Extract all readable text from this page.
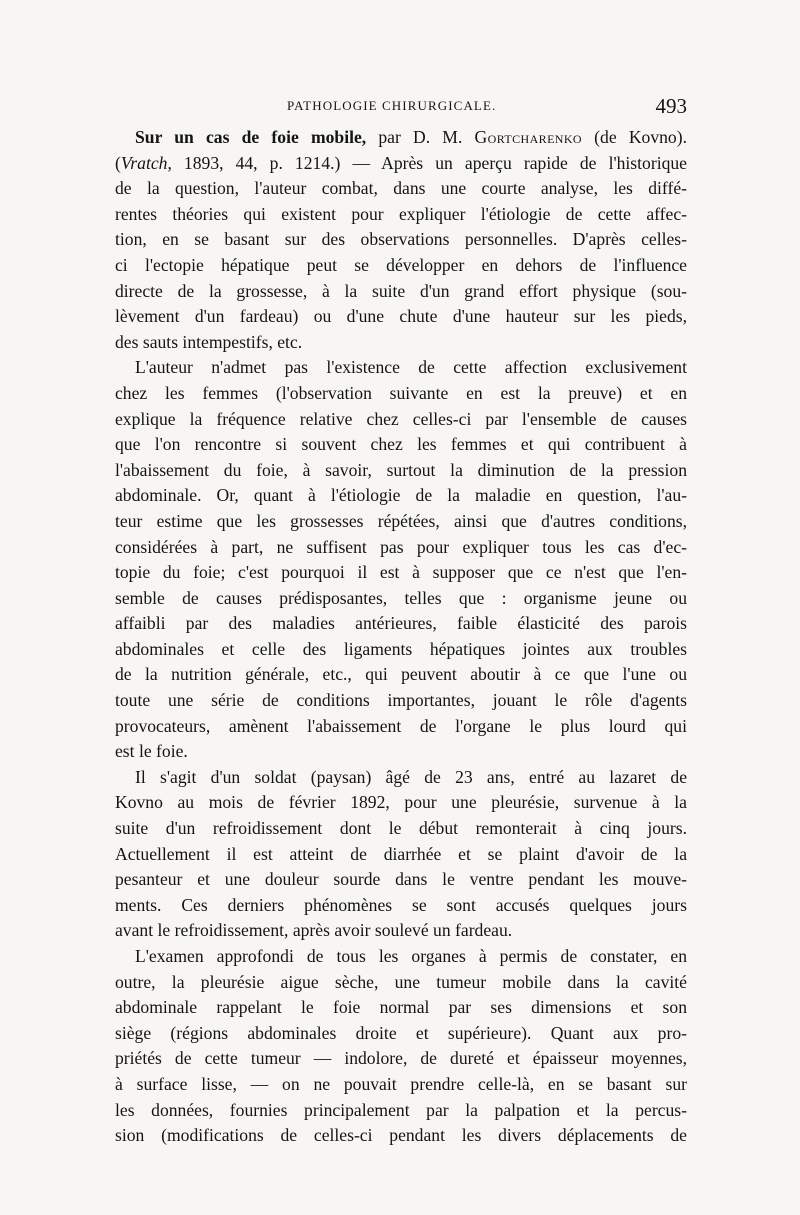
PATHOLOGIE CHIRURGICALE.	493
Sur un cas de foie mobile, par D. M. Gortcharenko (de Kovno).
(Vratch, 1893, 44, p. 1214.) — Après un aperçu rapide de l'historique
de la question, l'auteur combat, dans une courte analyse, les diffé-
rentes théories qui existent pour expliquer l'étiologie de cette affec-
tion, en se basant sur des observations personnelles. D'après celles-
ci l'ectopie hépatique peut se développer en dehors de l'influence
directe de la grossesse, à la suite d'un grand effort physique (sou-
lèvement d'un fardeau) ou d'une chute d'une hauteur sur les pieds,
des sauts intempestifs, etc.
L'auteur n'admet pas l'existence de cette affection exclusivement
chez les femmes (l'observation suivante en est la preuve) et en
explique la fréquence relative chez celles-ci par l'ensemble de causes
que l'on rencontre si souvent chez les femmes et qui contribuent à
l'abaissement du foie, à savoir, surtout la diminution de la pression
abdominale. Or, quant à l'étiologie de la maladie en question, l'au-
teur estime que les grossesses répétées, ainsi que d'autres conditions,
considérées à part, ne suffisent pas pour expliquer tous les cas d'ec-
topie du foie; c'est pourquoi il est à supposer que ce n'est que l'en-
semble de causes prédisposantes, telles que : organisme jeune ou
affaibli par des maladies antérieures, faible élasticité des parois
abdominales et celle des ligaments hépatiques jointes aux troubles
de la nutrition générale, etc., qui peuvent aboutir à ce que l'une ou
toute une série de conditions importantes, jouant le rôle d'agents
provocateurs, amènent l'abaissement de l'organe le plus lourd qui
est le foie.
Il s'agit d'un soldat (paysan) âgé de 23 ans, entré au lazaret de
Kovno au mois de février 1892, pour une pleurésie, survenue à la
suite d'un refroidissement dont le début remonterait à cinq jours.
Actuellement il est atteint de diarrhée et se plaint d'avoir de la
pesanteur et une douleur sourde dans le ventre pendant les mouve-
ments. Ces derniers phénomènes se sont accusés quelques jours
avant le refroidissement, après avoir soulevé un fardeau.
L'examen approfondi de tous les organes à permis de constater, en
outre, la pleurésie aigue sèche, une tumeur mobile dans la cavité
abdominale rappelant le foie normal par ses dimensions et son
siège (régions abdominales droite et supérieure). Quant aux pro-
priétés de cette tumeur — indolore, de dureté et épaisseur moyennes,
à surface lisse, — on ne pouvait prendre celle-là, en se basant sur
les données, fournies principalement par la palpation et la percus-
sion (modifications de celles-ci pendant les divers déplacements de
